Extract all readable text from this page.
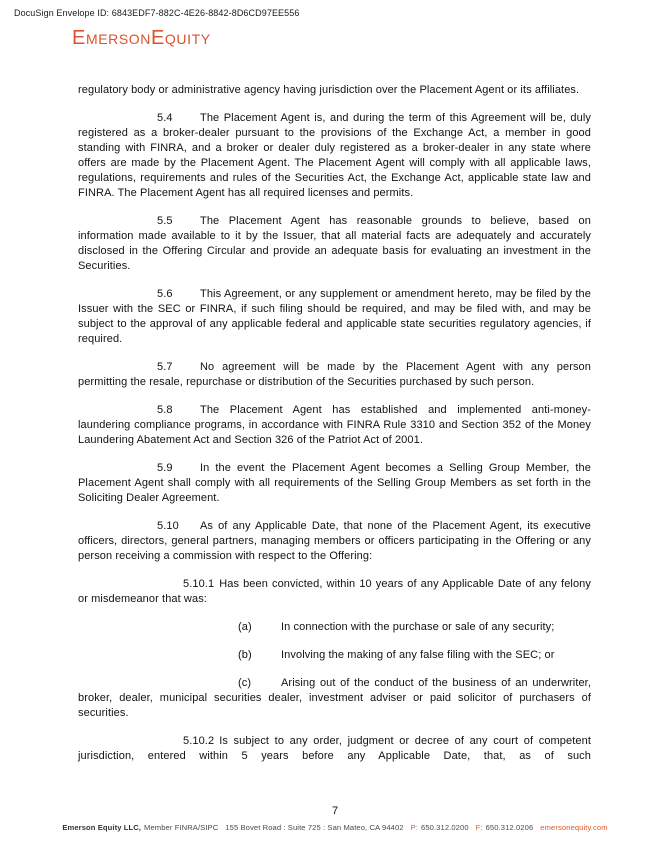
DocuSign Envelope ID: 6843EDF7-882C-4E26-8842-8D6CD97EE556
EmersonEquity

regulatory body or administrative agency having jurisdiction over the Placement Agent or its affiliates.

5.4 The Placement Agent is, and during the term of this Agreement will be, duly registered as a broker-dealer pursuant to the provisions of the Exchange Act, a member in good standing with FINRA, and a broker or dealer duly registered as a broker-dealer in any state where offers are made by the Placement Agent. The Placement Agent will comply with all applicable laws, regulations, requirements and rules of the Securities Act, the Exchange Act, applicable state law and FINRA. The Placement Agent has all required licenses and permits.

5.5 The Placement Agent has reasonable grounds to believe, based on information made available to it by the Issuer, that all material facts are adequately and accurately disclosed in the Offering Circular and provide an adequate basis for evaluating an investment in the Securities.

5.6 This Agreement, or any supplement or amendment hereto, may be filed by the Issuer with the SEC or FINRA, if such filing should be required, and may be filed with, and may be subject to the approval of any applicable federal and applicable state securities regulatory agencies, if required.

5.7 No agreement will be made by the Placement Agent with any person permitting the resale, repurchase or distribution of the Securities purchased by such person.

5.8 The Placement Agent has established and implemented anti-money-laundering compliance programs, in accordance with FINRA Rule 3310 and Section 352 of the Money Laundering Abatement Act and Section 326 of the Patriot Act of 2001.

5.9 In the event the Placement Agent becomes a Selling Group Member, the Placement Agent shall comply with all requirements of the Selling Group Members as set forth in the Soliciting Dealer Agreement.

5.10 As of any Applicable Date, that none of the Placement Agent, its executive officers, directors, general partners, managing members or officers participating in the Offering or any person receiving a commission with respect to the Offering:

5.10.1 Has been convicted, within 10 years of any Applicable Date of any felony or misdemeanor that was:

(a)	In connection with the purchase or sale of any security;

(b)	Involving the making of any false filing with the SEC; or

(c)	Arising out of the conduct of the business of an underwriter, broker, dealer, municipal securities dealer, investment adviser or paid solicitor of purchasers of securities.

5.10.2 Is subject to any order, judgment or decree of any court of competent jurisdiction, entered within 5 years before any Applicable Date, that, as of such

7
Emerson Equity LLC, Member FINRA/SIPC 155 Bovet Road : Suite 725 : San Mateo, CA 94402 P: 650.312.0200 F: 650.312.0206 emersonequity.com
